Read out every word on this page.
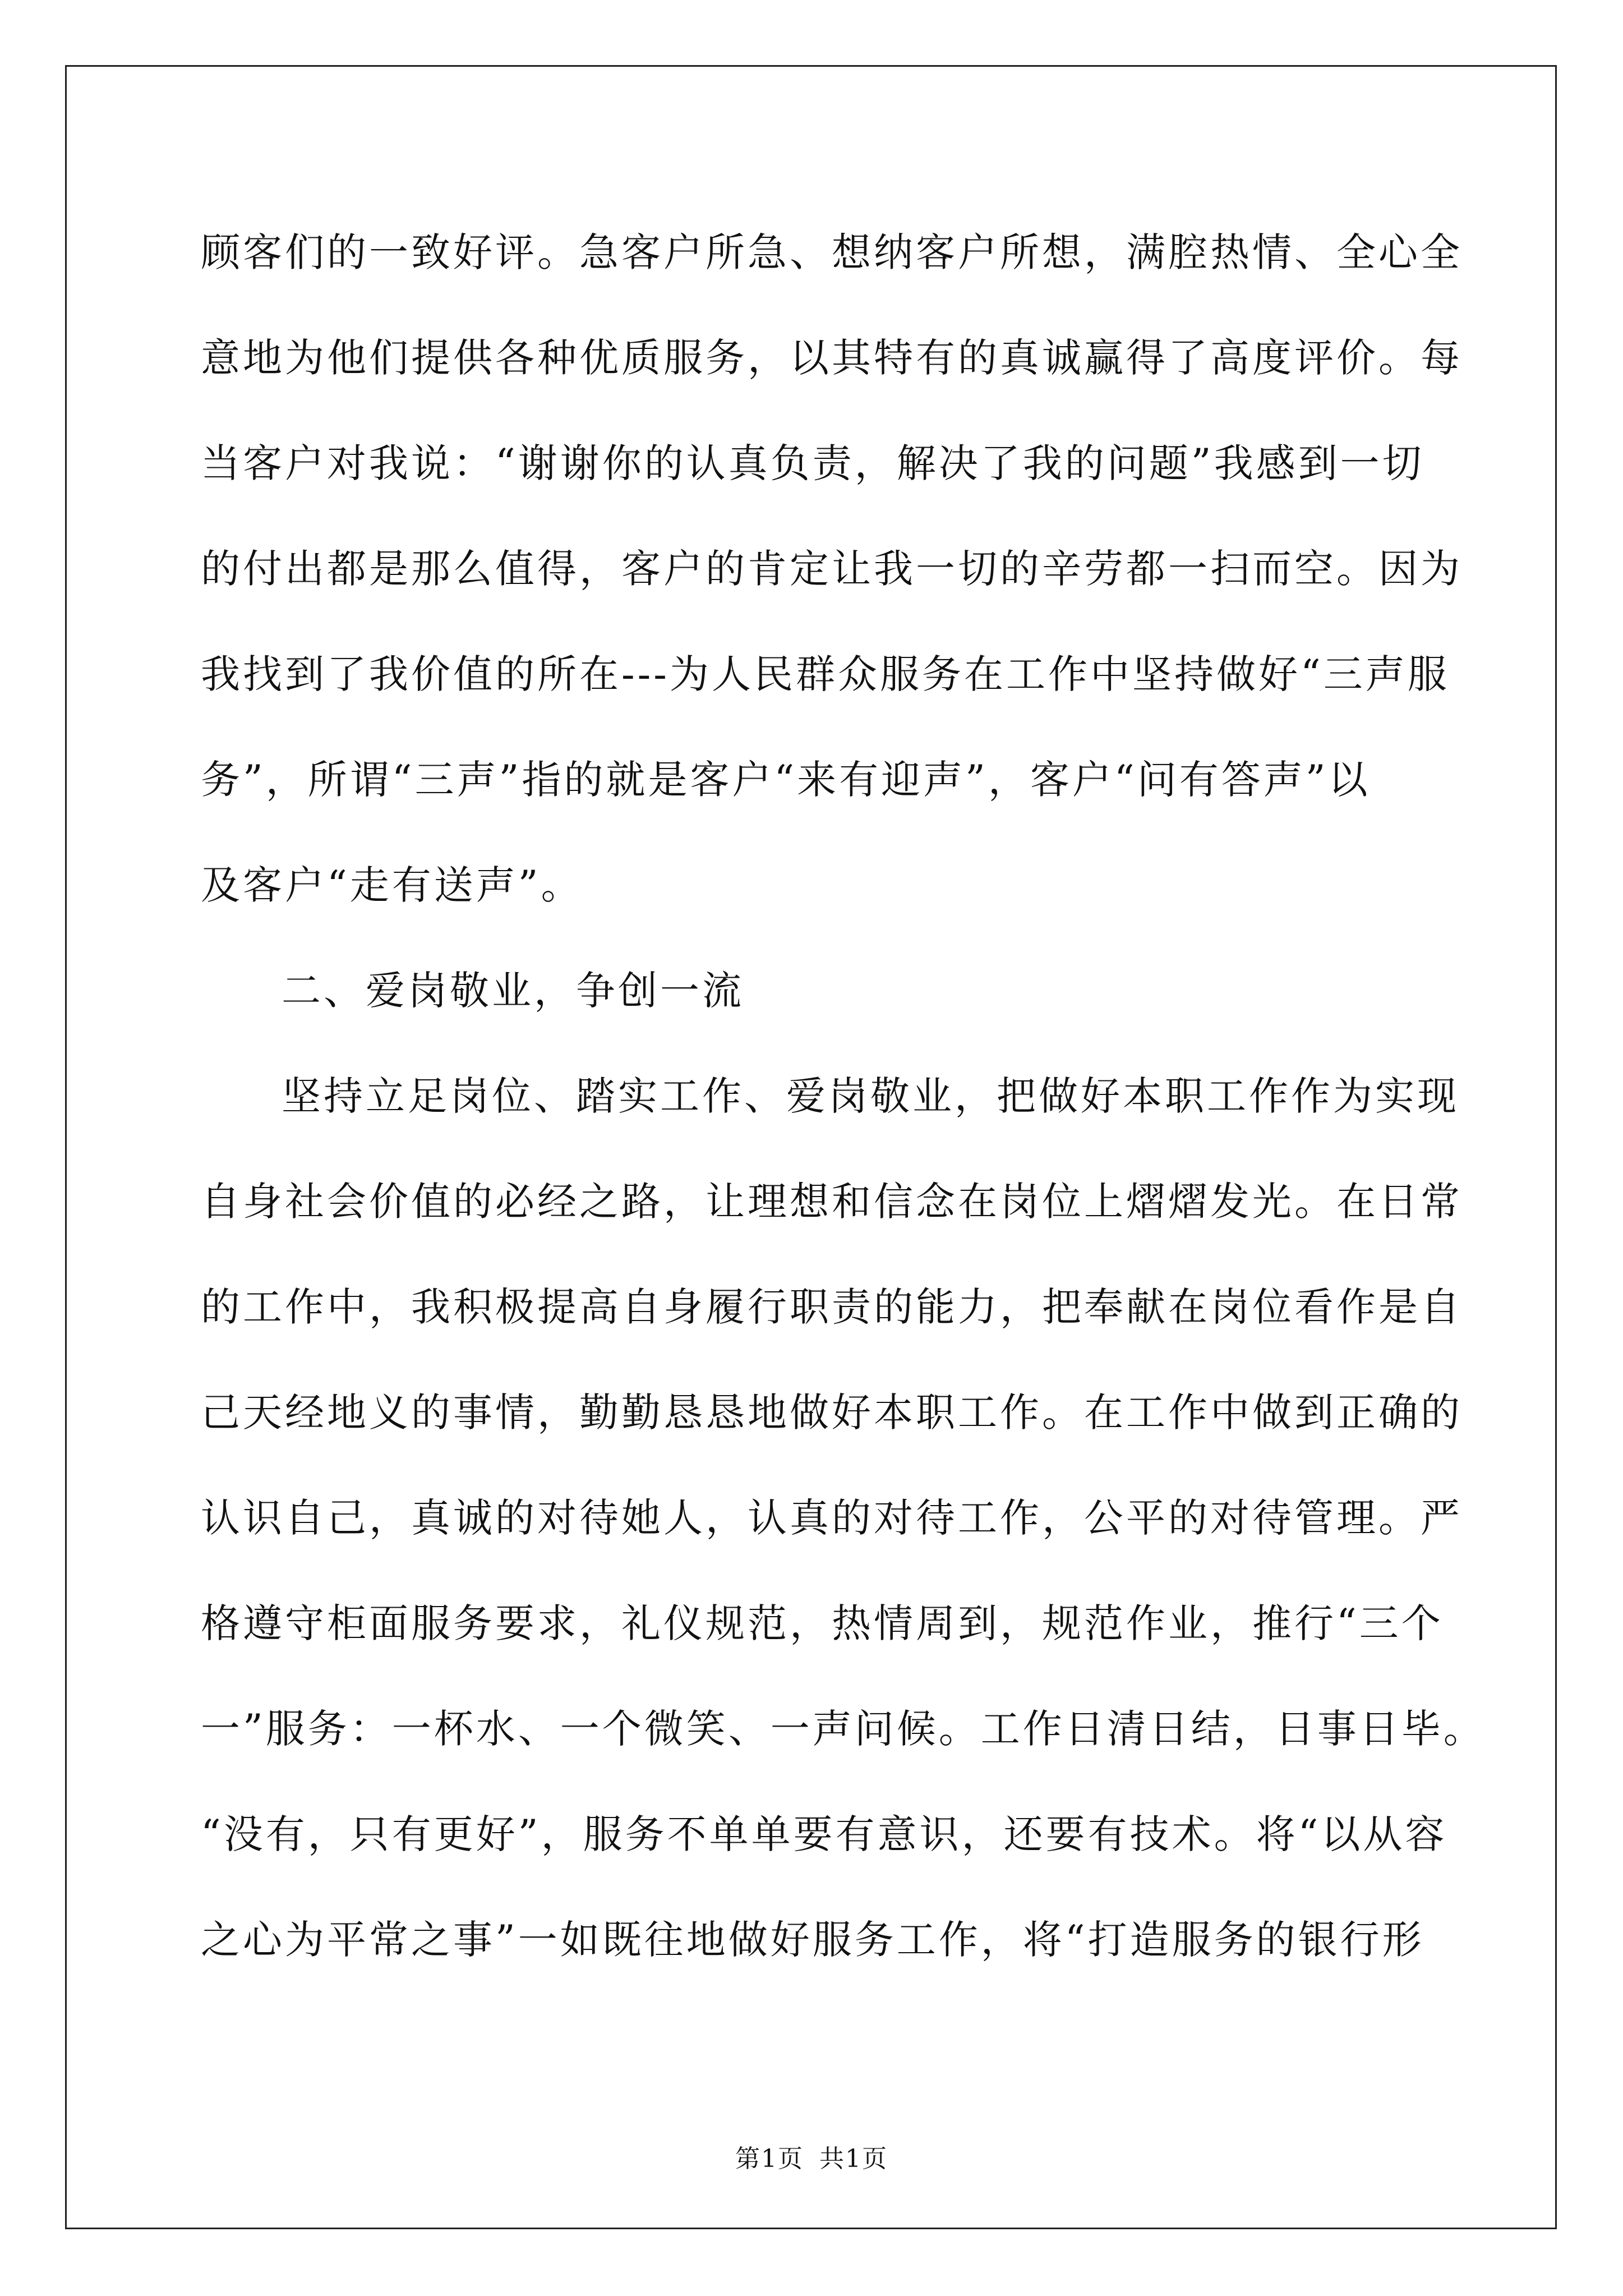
顾客们的一致好评。急客户所急、想纳客户所想，满腔热情、全心全
意地为他们提供各种优质服务，以其特有的真诚赢得了高度评价。每
当客户对我说：“谢谢你的认真负责，解决了我的问题”我感到一切
的付出都是那么值得，客户的肯定让我一切的辛劳都一扫而空。因为
我找到了我价值的所在---为人民群众服务在工作中坚持做好“三声服
务”，所谓“三声”指的就是客户“来有迎声”，客户“问有答声”以
及客户“走有送声”。
二、爱岗敬业，争创一流
坚持立足岗位、踏实工作、爱岗敬业，把做好本职工作作为实现
自身社会价值的必经之路，让理想和信念在岗位上熠熠发光。在日常
的工作中，我积极提高自身履行职责的能力，把奉献在岗位看作是自
己天经地义的事情，勤勤恳恳地做好本职工作。在工作中做到正确的
认识自己，真诚的对待她人，认真的对待工作，公平的对待管理。严
格遵守柜面服务要求，礼仪规范，热情周到，规范作业，推行“三个
一”服务：一杯水、一个微笑、一声问候。工作日清日结，日事日毕。
“没有，只有更好”，服务不单单要有意识，还要有技术。将“以从容
之心为平常之事”一如既往地做好服务工作，将“打造服务的银行形
第1页 共1页
